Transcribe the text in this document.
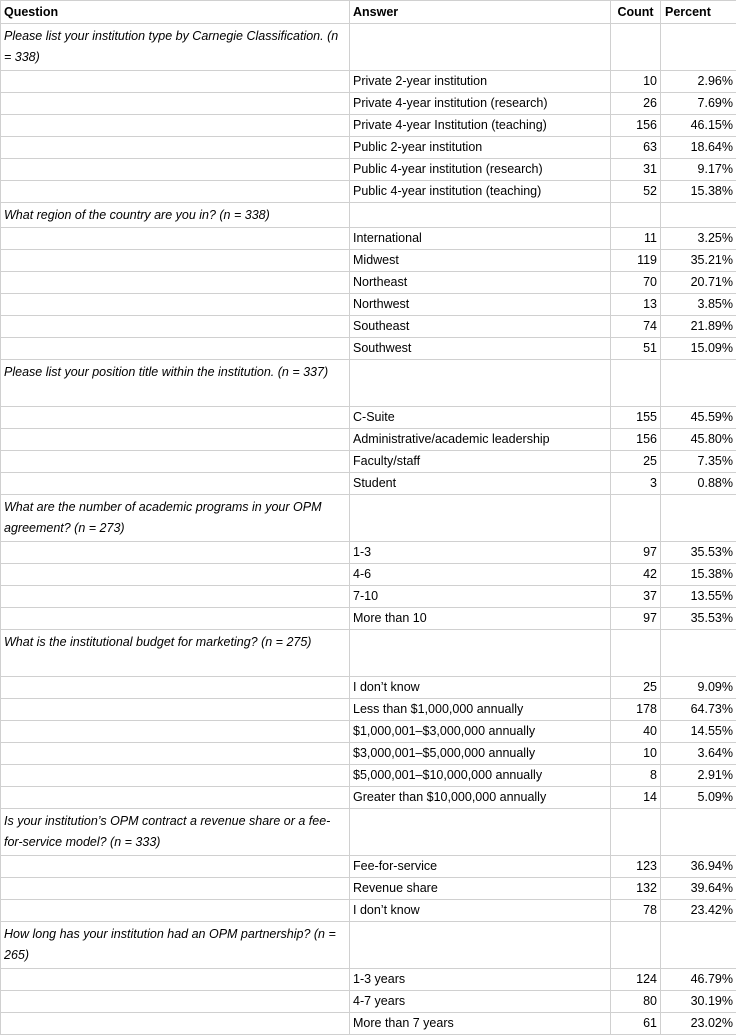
Question	Answer	Count	Percent
Please list your institution type by Carnegie Classification. (n = 338)			
	Private 2-year institution	10	2.96%
	Private 4-year institution (research)	26	7.69%
	Private 4-year Institution (teaching)	156	46.15%
	Public 2-year institution	63	18.64%
	Public 4-year institution (research)	31	9.17%
	Public 4-year institution (teaching)	52	15.38%
What region of the country are you in? (n = 338)			
	International	11	3.25%
	Midwest	119	35.21%
	Northeast	70	20.71%
	Northwest	13	3.85%
	Southeast	74	21.89%
	Southwest	51	15.09%
Please list your position title within the institution. (n = 337)			
	C-Suite	155	45.59%
	Administrative/academic leadership	156	45.80%
	Faculty/staff	25	7.35%
	Student	3	0.88%
What are the number of academic programs in your OPM agreement? (n = 273)			
	1-3	97	35.53%
	4-6	42	15.38%
	7-10	37	13.55%
	More than 10	97	35.53%
What is the institutional budget for marketing? (n = 275)			
	I don’t know	25	9.09%
	Less than $1,000,000 annually	178	64.73%
	$1,000,001–$3,000,000 annually	40	14.55%
	$3,000,001–$5,000,000 annually	10	3.64%
	$5,000,001–$10,000,000 annually	8	2.91%
	Greater than $10,000,000 annually	14	5.09%
Is your institution’s OPM contract a revenue share or a fee-for-service model? (n = 333)			
	Fee-for-service	123	36.94%
	Revenue share	132	39.64%
	I don’t know	78	23.42%
How long has your institution had an OPM partnership? (n = 265)			
	1-3 years	124	46.79%
	4-7 years	80	30.19%
	More than 7 years	61	23.02%
